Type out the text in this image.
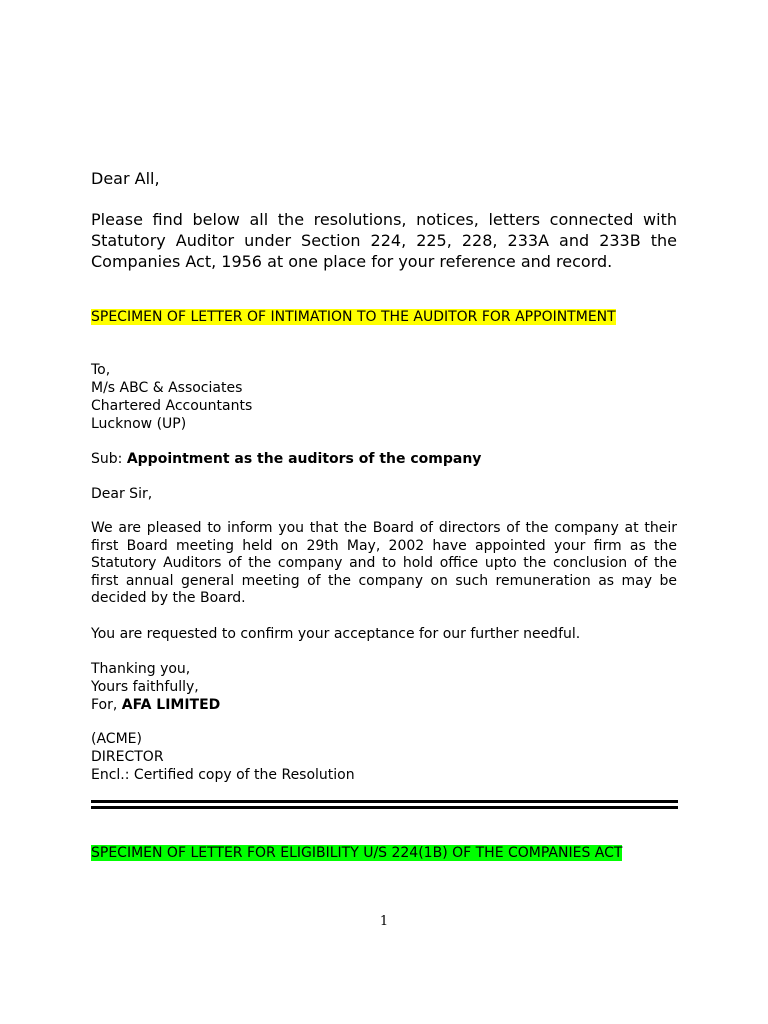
Dear All,
Please find below all the resolutions, notices, letters connected with Statutory Auditor under Section 224, 225, 228, 233A and 233B the Companies Act, 1956 at one place for your reference and record.
SPECIMEN OF LETTER OF INTIMATION TO THE AUDITOR FOR APPOINTMENT
To,
M/s ABC & Associates
Chartered Accountants
Lucknow (UP)
Sub: Appointment as the auditors of the company
Dear Sir,
We are pleased to inform you that the Board of directors of the company at their first Board meeting held on 29th May, 2002 have appointed your firm as the Statutory Auditors of the company and to hold office upto the conclusion of the first annual general meeting of the company on such remuneration as may be decided by the Board.
You are requested to confirm your acceptance for our further needful.
Thanking you,
Yours faithfully,
For, AFA LIMITED
(ACME)
DIRECTOR
Encl.: Certified copy of the Resolution
SPECIMEN OF LETTER FOR ELIGIBILITY U/S 224(1B) OF THE COMPANIES ACT
1
